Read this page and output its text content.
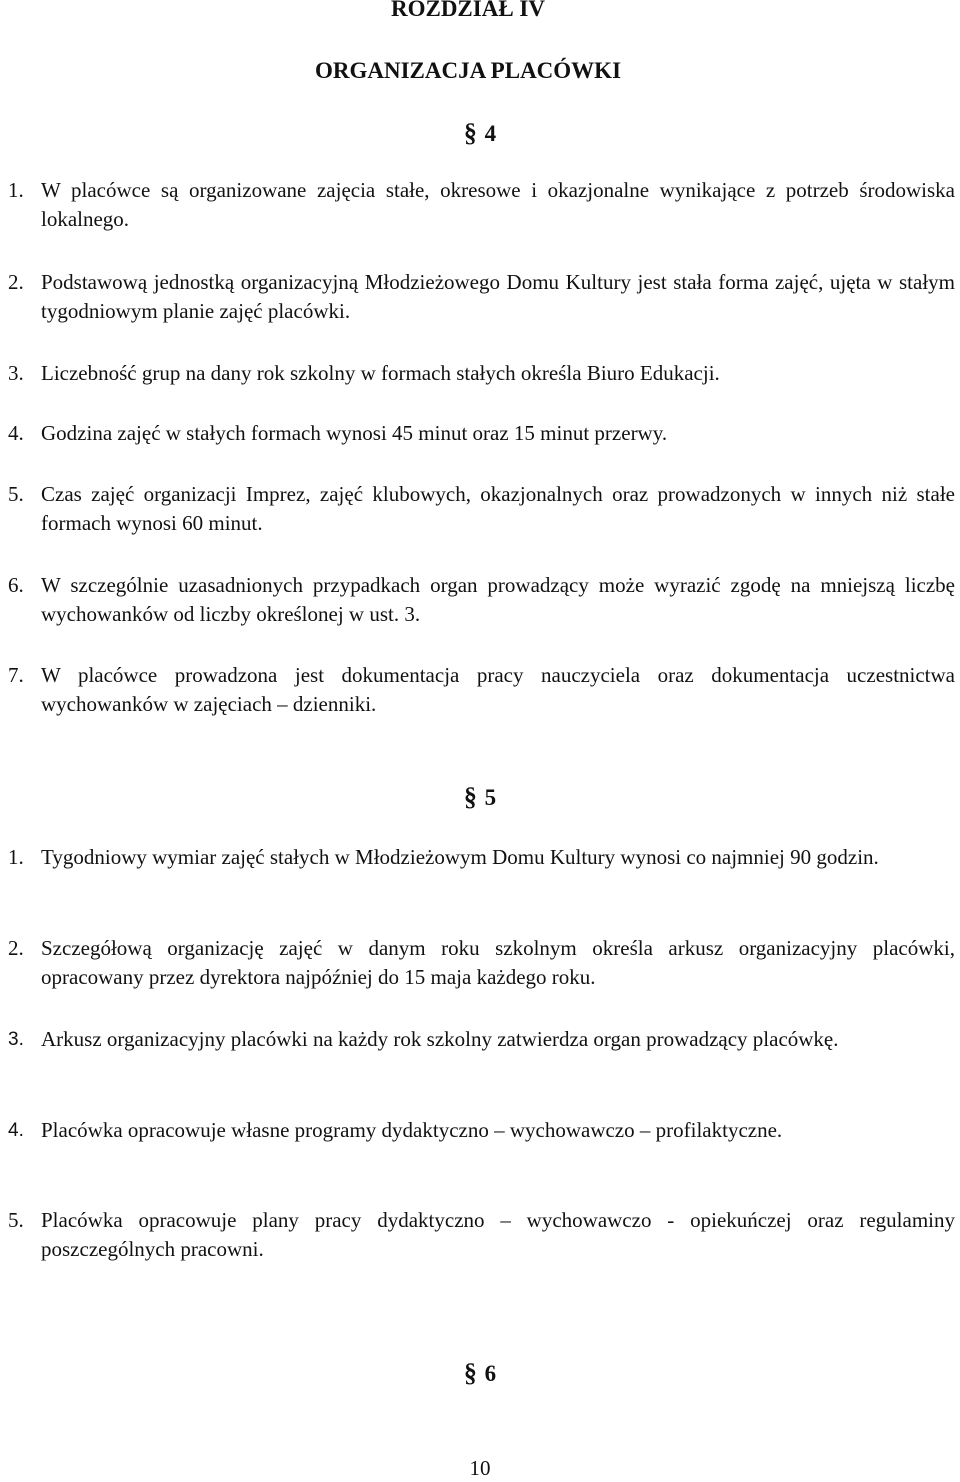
ROZDZIAŁ IV
ORGANIZACJA PLACÓWKI
§ 4
1. W placówce są organizowane zajęcia stałe, okresowe i okazjonalne wynikające z potrzeb środowiska lokalnego.
2. Podstawową jednostką organizacyjną Młodzieżowego Domu Kultury jest stała forma zajęć, ujęta w stałym tygodniowym planie zajęć placówki.
3. Liczebność grup na dany rok szkolny w formach stałych określa Biuro Edukacji.
4. Godzina zajęć w stałych formach wynosi 45 minut oraz 15 minut przerwy.
5. Czas zajęć organizacji Imprez, zajęć klubowych, okazjonalnych oraz prowadzonych w innych niż stałe formach wynosi 60 minut.
6. W szczególnie uzasadnionych przypadkach organ prowadzący może wyrazić zgodę na mniejszą liczbę wychowanków od liczby określonej w ust. 3.
7. W placówce prowadzona jest dokumentacja pracy nauczyciela oraz dokumentacja uczestnictwa wychowanków w zajęciach – dzienniki.
§ 5
1. Tygodniowy wymiar zajęć stałych w Młodzieżowym Domu Kultury wynosi co najmniej 90 godzin.
2. Szczegółową organizację zajęć w danym roku szkolnym określa arkusz organizacyjny placówki, opracowany przez dyrektora najpóźniej do 15 maja każdego roku.
3. Arkusz organizacyjny placówki na każdy rok szkolny zatwierdza organ prowadzący placówkę.
4. Placówka opracowuje własne programy dydaktyczno – wychowawczo – profilaktyczne.
5. Placówka opracowuje plany pracy dydaktyczno – wychowawczo - opiekuńczej oraz regulaminy poszczególnych pracowni.
§ 6
10
